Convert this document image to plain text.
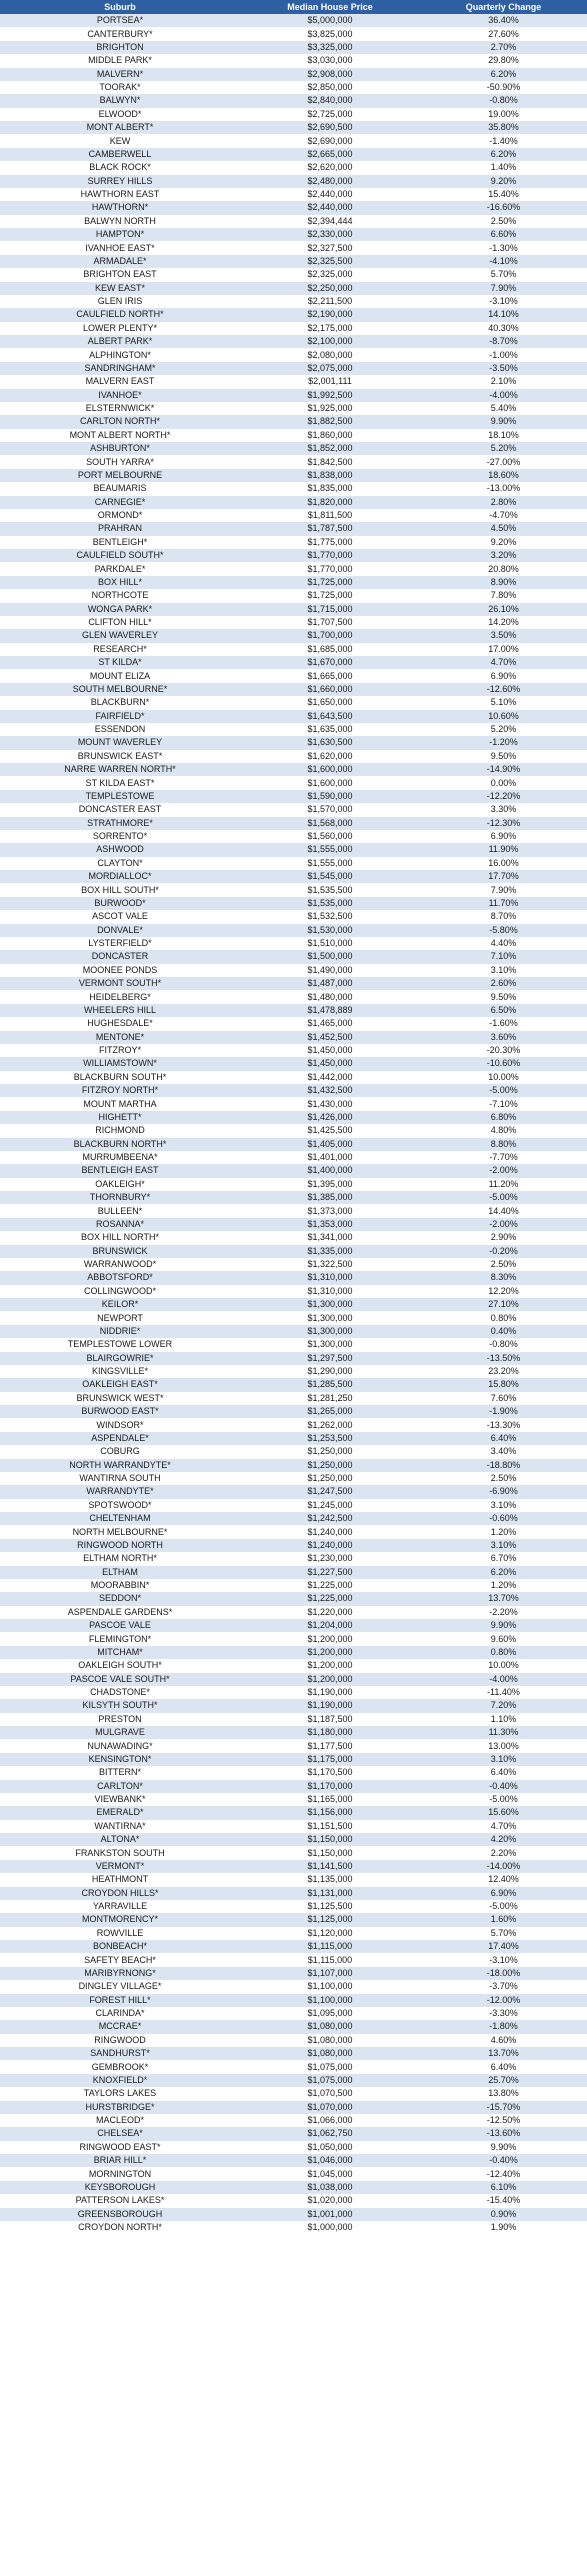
Suburb	Median House Price	Quarterly Change
PORTSEA*	$5,000,000	36.40%
CANTERBURY*	$3,825,000	27.60%
BRIGHTON	$3,325,000	2.70%
MIDDLE PARK*	$3,030,000	29.80%
MALVERN*	$2,908,000	6.20%
TOORAK*	$2,850,000	-50.90%
BALWYN*	$2,840,000	-0.80%
ELWOOD*	$2,725,000	19.00%
MONT ALBERT*	$2,690,500	35.80%
KEW	$2,690,000	-1.40%
CAMBERWELL	$2,665,000	6.20%
BLACK ROCK*	$2,620,000	1.40%
SURREY HILLS	$2,480,000	9.20%
HAWTHORN EAST	$2,440,000	15.40%
HAWTHORN*	$2,440,000	-16.60%
BALWYN NORTH	$2,394,444	2.50%
HAMPTON*	$2,330,000	6.60%
IVANHOE EAST*	$2,327,500	-1.30%
ARMADALE*	$2,325,500	-4.10%
BRIGHTON EAST	$2,325,000	5.70%
KEW EAST*	$2,250,000	7.90%
GLEN IRIS	$2,211,500	-3.10%
CAULFIELD NORTH*	$2,190,000	14.10%
LOWER PLENTY*	$2,175,000	40.30%
ALBERT PARK*	$2,100,000	-8.70%
ALPHINGTON*	$2,080,000	-1.00%
SANDRINGHAM*	$2,075,000	-3.50%
MALVERN EAST	$2,001,111	2.10%
IVANHOE*	$1,992,500	-4.00%
ELSTERNWICK*	$1,925,000	5.40%
CARLTON NORTH*	$1,882,500	9.90%
MONT ALBERT NORTH*	$1,860,000	18.10%
ASHBURTON*	$1,852,000	5.20%
SOUTH YARRA*	$1,842,500	-27.00%
PORT MELBOURNE	$1,838,000	18.60%
BEAUMARIS	$1,835,000	-13.00%
CARNEGIE*	$1,820,000	2.80%
ORMOND*	$1,811,500	-4.70%
PRAHRAN	$1,787,500	4.50%
BENTLEIGH*	$1,775,000	9.20%
CAULFIELD SOUTH*	$1,770,000	3.20%
PARKDALE*	$1,770,000	20.80%
BOX HILL*	$1,725,000	8.90%
NORTHCOTE	$1,725,000	7.80%
WONGA PARK*	$1,715,000	26.10%
CLIFTON HILL*	$1,707,500	14.20%
GLEN WAVERLEY	$1,700,000	3.50%
RESEARCH*	$1,685,000	17.00%
ST KILDA*	$1,670,000	4.70%
MOUNT ELIZA	$1,665,000	6.90%
SOUTH MELBOURNE*	$1,660,000	-12.60%
BLACKBURN*	$1,650,000	5.10%
FAIRFIELD*	$1,643,500	10.60%
ESSENDON	$1,635,000	5.20%
MOUNT WAVERLEY	$1,630,500	-1.20%
BRUNSWICK EAST*	$1,620,000	9.50%
NARRE WARREN NORTH*	$1,600,000	-14.90%
ST KILDA EAST*	$1,600,000	0.00%
TEMPLESTOWE	$1,590,000	-12.20%
DONCASTER EAST	$1,570,000	3.30%
STRATHMORE*	$1,568,000	-12.30%
SORRENTO*	$1,560,000	6.90%
ASHWOOD	$1,555,000	11.90%
CLAYTON*	$1,555,000	16.00%
MORDIALLOC*	$1,545,000	17.70%
BOX HILL SOUTH*	$1,535,500	7.90%
BURWOOD*	$1,535,000	11.70%
ASCOT VALE	$1,532,500	8.70%
DONVALE*	$1,530,000	-5.80%
LYSTERFIELD*	$1,510,000	4.40%
DONCASTER	$1,500,000	7.10%
MOONEE PONDS	$1,490,000	3.10%
VERMONT SOUTH*	$1,487,000	2.60%
HEIDELBERG*	$1,480,000	9.50%
WHEELERS HILL	$1,478,889	6.50%
HUGHESDALE*	$1,465,000	-1.60%
MENTONE*	$1,452,500	3.60%
FITZROY*	$1,450,000	-20.30%
WILLIAMSTOWN*	$1,450,000	-10.60%
BLACKBURN SOUTH*	$1,442,000	10.00%
FITZROY NORTH*	$1,432,500	-5.00%
MOUNT MARTHA	$1,430,000	-7.10%
HIGHETT*	$1,426,000	6.80%
RICHMOND	$1,425,500	4.80%
BLACKBURN NORTH*	$1,405,000	8.80%
MURRUMBEENA*	$1,401,000	-7.70%
BENTLEIGH EAST	$1,400,000	-2.00%
OAKLEIGH*	$1,395,000	11.20%
THORNBURY*	$1,385,000	-5.00%
BULLEEN*	$1,373,000	14.40%
ROSANNA*	$1,353,000	-2.00%
BOX HILL NORTH*	$1,341,000	2.90%
BRUNSWICK	$1,335,000	-0.20%
WARRANWOOD*	$1,322,500	2.50%
ABBOTSFORD*	$1,310,000	8.30%
COLLINGWOOD*	$1,310,000	12.20%
KEILOR*	$1,300,000	27.10%
NEWPORT	$1,300,000	0.80%
NIDDRIE*	$1,300,000	0.40%
TEMPLESTOWE LOWER	$1,300,000	-0.80%
BLAIRGOWRIE*	$1,297,500	-13.50%
KINGSVILLE*	$1,290,000	23.20%
OAKLEIGH EAST*	$1,285,500	15.80%
BRUNSWICK WEST*	$1,281,250	7.60%
BURWOOD EAST*	$1,265,000	-1.90%
WINDSOR*	$1,262,000	-13.30%
ASPENDALE*	$1,253,500	6.40%
COBURG	$1,250,000	3.40%
NORTH WARRANDYTE*	$1,250,000	-18.80%
WANTIRNA SOUTH	$1,250,000	2.50%
WARRANDYTE*	$1,247,500	-6.90%
SPOTSWOOD*	$1,245,000	3.10%
CHELTENHAM	$1,242,500	-0.60%
NORTH MELBOURNE*	$1,240,000	1.20%
RINGWOOD NORTH	$1,240,000	3.10%
ELTHAM NORTH*	$1,230,000	6.70%
ELTHAM	$1,227,500	6.20%
MOORABBIN*	$1,225,000	1.20%
SEDDON*	$1,225,000	13.70%
ASPENDALE GARDENS*	$1,220,000	-2.20%
PASCOE VALE	$1,204,000	9.90%
FLEMINGTON*	$1,200,000	9.60%
MITCHAM*	$1,200,000	0.80%
OAKLEIGH SOUTH*	$1,200,000	10.00%
PASCOE VALE SOUTH*	$1,200,000	-4.00%
CHADSTONE*	$1,190,000	-11.40%
KILSYTH SOUTH*	$1,190,000	7.20%
PRESTON	$1,187,500	1.10%
MULGRAVE	$1,180,000	11.30%
NUNAWADING*	$1,177,500	13.00%
KENSINGTON*	$1,175,000	3.10%
BITTERN*	$1,170,500	6.40%
CARLTON*	$1,170,000	-0.40%
VIEWBANK*	$1,165,000	-5.00%
EMERALD*	$1,156,000	15.60%
WANTIRNA*	$1,151,500	4.70%
ALTONA*	$1,150,000	4.20%
FRANKSTON SOUTH	$1,150,000	2.20%
VERMONT*	$1,141,500	-14.00%
HEATHMONT	$1,135,000	12.40%
CROYDON HILLS*	$1,131,000	6.90%
YARRAVILLE	$1,125,500	-5.00%
MONTMORENCY*	$1,125,000	1.60%
ROWVILLE	$1,120,000	5.70%
BONBEACH*	$1,115,000	17.40%
SAFETY BEACH*	$1,115,000	-3.10%
MARIBYRNONG*	$1,107,000	-18.00%
DINGLEY VILLAGE*	$1,100,000	-3.70%
FOREST HILL*	$1,100,000	-12.00%
CLARINDA*	$1,095,000	-3.30%
MCCRAE*	$1,080,000	-1.80%
RINGWOOD	$1,080,000	4.60%
SANDHURST*	$1,080,000	13.70%
GEMBROOK*	$1,075,000	6.40%
KNOXFIELD*	$1,075,000	25.70%
TAYLORS LAKES	$1,070,500	13.80%
HURSTBRIDGE*	$1,070,000	-15.70%
MACLEOD*	$1,066,000	-12.50%
CHELSEA*	$1,062,750	-13.60%
RINGWOOD EAST*	$1,050,000	9.90%
BRIAR HILL*	$1,046,000	-0.40%
MORNINGTON	$1,045,000	-12.40%
KEYSBOROUGH	$1,038,000	6.10%
PATTERSON LAKES*	$1,020,000	-15.40%
GREENSBOROUGH	$1,001,000	0.90%
CROYDON NORTH*	$1,000,000	1.90%
